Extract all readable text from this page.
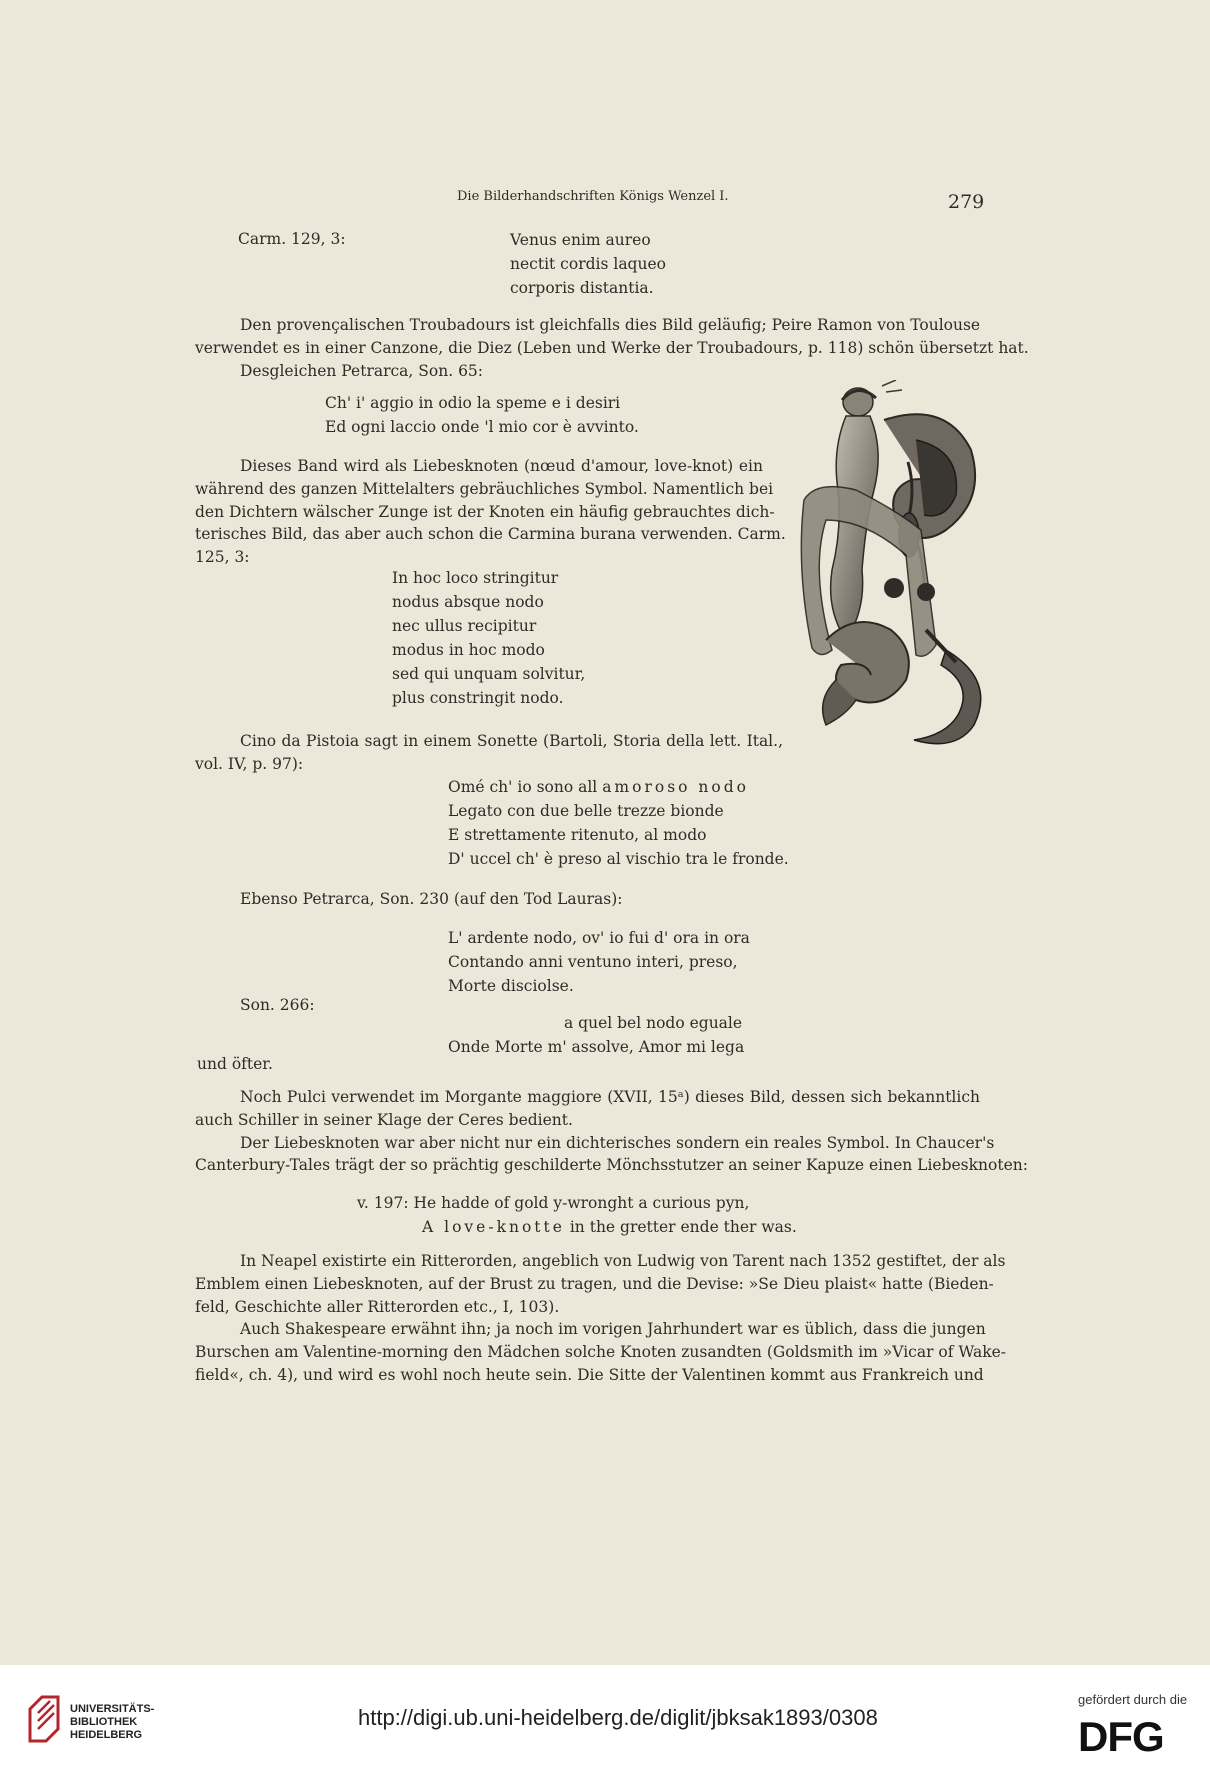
Die Bilderhandschriften Königs Wenzel I.	279
Carm. 129, 3:	Venus enim aureo
nectit cordis laqueo
corporis distantia.
Den provençalischen Troubadours ist gleichfalls dies Bild geläufig; Peire Ramon von Toulouse
verwendet es in einer Canzone, die Diez (Leben und Werke der Troubadours, p. 118) schön übersetzt hat.
Desgleichen Petrarca, Son. 65:
Ch' i' aggio in odio la speme e i desiri
Ed ogni laccio onde 'l mio cor è avvinto.
Dieses Band wird als Liebesknoten (nœud d'amour, love-knot) ein
während des ganzen Mittelalters gebräuchliches Symbol. Namentlich bei
den Dichtern wälscher Zunge ist der Knoten ein häufig gebrauchtes dich-
terisches Bild, das aber auch schon die Carmina burana verwenden. Carm.
125, 3:
In hoc loco stringitur
nodus absque nodo
nec ullus recipitur
modus in hoc modo
sed qui unquam solvitur,
plus constringit nodo.
Cino da Pistoia sagt in einem Sonette (Bartoli, Storia della lett. Ital.,
vol. IV, p. 97):
Omé ch' io sono all amoroso nodo
Legato con due belle trezze bionde
E strettamente ritenuto, al modo
D' uccel ch' è preso al vischio tra le fronde.
Ebenso Petrarca, Son. 230 (auf den Tod Lauras):
L' ardente nodo, ov' io fui d' ora in ora
Contando anni ventuno interi, preso,
Morte disciolse.
Son. 266:
a quel bel nodo eguale
Onde Morte m' assolve, Amor mi lega
und öfter.
Noch Pulci verwendet im Morgante maggiore (XVII, 15ᵃ) dieses Bild, dessen sich bekanntlich
auch Schiller in seiner Klage der Ceres bedient.
Der Liebesknoten war aber nicht nur ein dichterisches sondern ein reales Symbol. In Chaucer's
Canterbury-Tales trägt der so prächtig geschilderte Mönchsstutzer an seiner Kapuze einen Liebesknoten:
v. 197: He hadde of gold y-wronght a curious pyn,
A love-knotte in the gretter ende ther was.
In Neapel existirte ein Ritterorden, angeblich von Ludwig von Tarent nach 1352 gestiftet, der als
Emblem einen Liebesknoten, auf der Brust zu tragen, und die Devise: »Se Dieu plaist« hatte (Bieden-
feld, Geschichte aller Ritterorden etc., I, 103).
Auch Shakespeare erwähnt ihn; ja noch im vorigen Jahrhundert war es üblich, dass die jungen
Burschen am Valentine-morning den Mädchen solche Knoten zusandten (Goldsmith im »Vicar of Wake-
field«, ch. 4), und wird es wohl noch heute sein. Die Sitte der Valentinen kommt aus Frankreich und
UNIVERSITÄTS-
BIBLIOTHEK
HEIDELBERG
http://digi.ub.uni-heidelberg.de/diglit/jbksak1893/0308
gefördert durch die
DFG
